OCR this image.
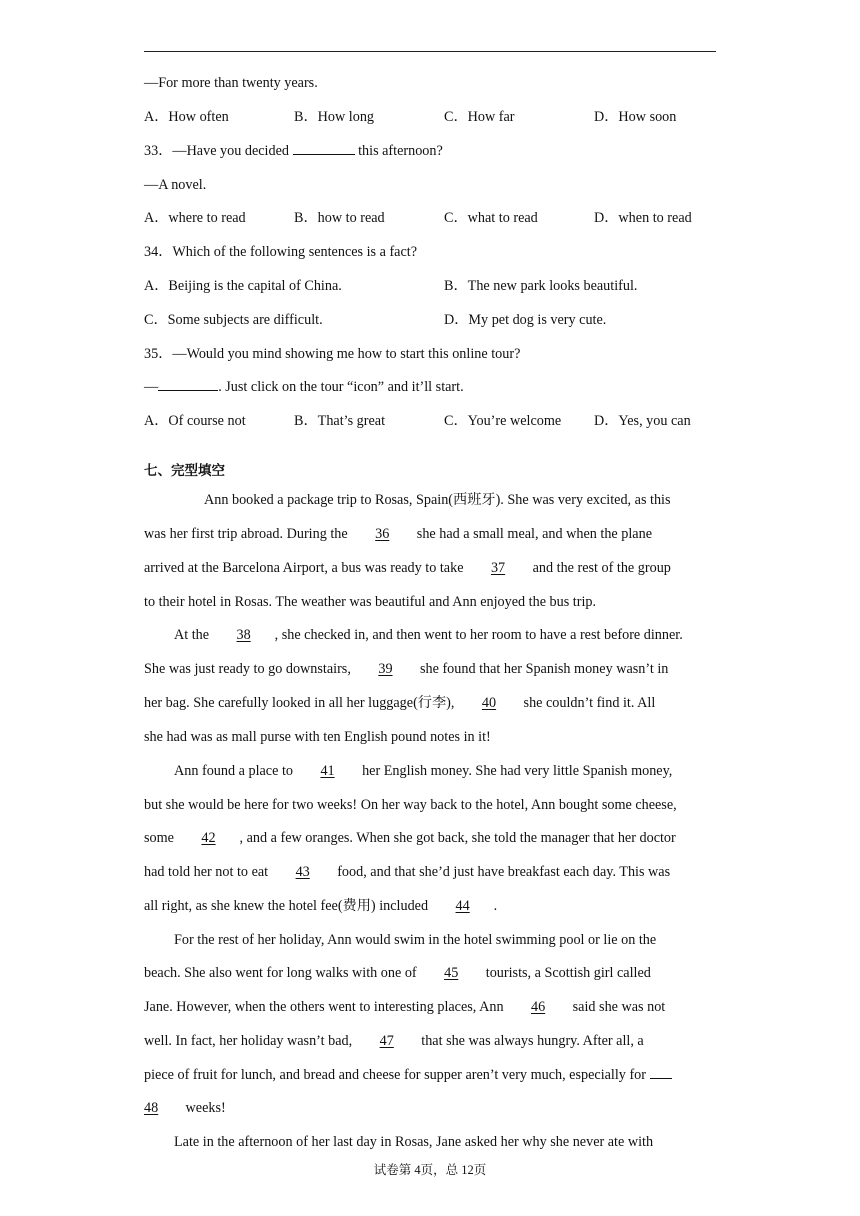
—For more than twenty years.
A．How often	B．How long	C．How far	D．How soon
33．—Have you decided	this afternoon?
—A novel.
A．where to read	B．how to read	C．what to read	D．when to read
34．Which of the following sentences is a fact?
A．Beijing is the capital of China.	B．The new park looks beautiful.
C．Some subjects are difficult.	D．My pet dog is very cute.
35．—Would you mind showing me how to start this online tour?
—	. Just click on the tour “icon” and it’ll start.
A．Of course not	B．That’s great	C．You’re welcome D．Yes, you can
七、完型填空
Ann booked a package trip to Rosas, Spain(西班牙). She was very excited, as this
was her first trip abroad. During the 36 she had a small meal, and when the plane
arrived at the Barcelona Airport, a bus was ready to take 37 and the rest of the group
to their hotel in Rosas. The weather was beautiful and Ann enjoyed the bus trip.
At the 38 , she checked in, and then went to her room to have a rest before dinner.
She was just ready to go downstairs, 39 she found that her Spanish money wasn’t in
her bag. She carefully looked in all her luggage(行李), 40 she couldn’t find it. All
she had was as mall purse with ten English pound notes in it!
Ann found a place to 41 her English money. She had very little Spanish money,
but she would be here for two weeks! On her way back to the hotel, Ann bought some cheese,
some 42 , and a few oranges. When she got back, she told the manager that her doctor
had told her not to eat 43 food, and that she’d just have breakfast each day. This was
all right, as she knew the hotel fee(费用) included 44 .
For the rest of her holiday, Ann would swim in the hotel swimming pool or lie on the
beach. She also went for long walks with one of 45 tourists, a Scottish girl called
Jane. However, when the others went to interesting places, Ann 46 said she was not
well. In fact, her holiday wasn’t bad, 47 that she was always hungry. After all, a
piece of fruit for lunch, and bread and cheese for supper aren’t very much, especially for
48 weeks!
Late in the afternoon of her last day in Rosas, Jane asked her why she never ate with
试卷第 4页，总 12页
